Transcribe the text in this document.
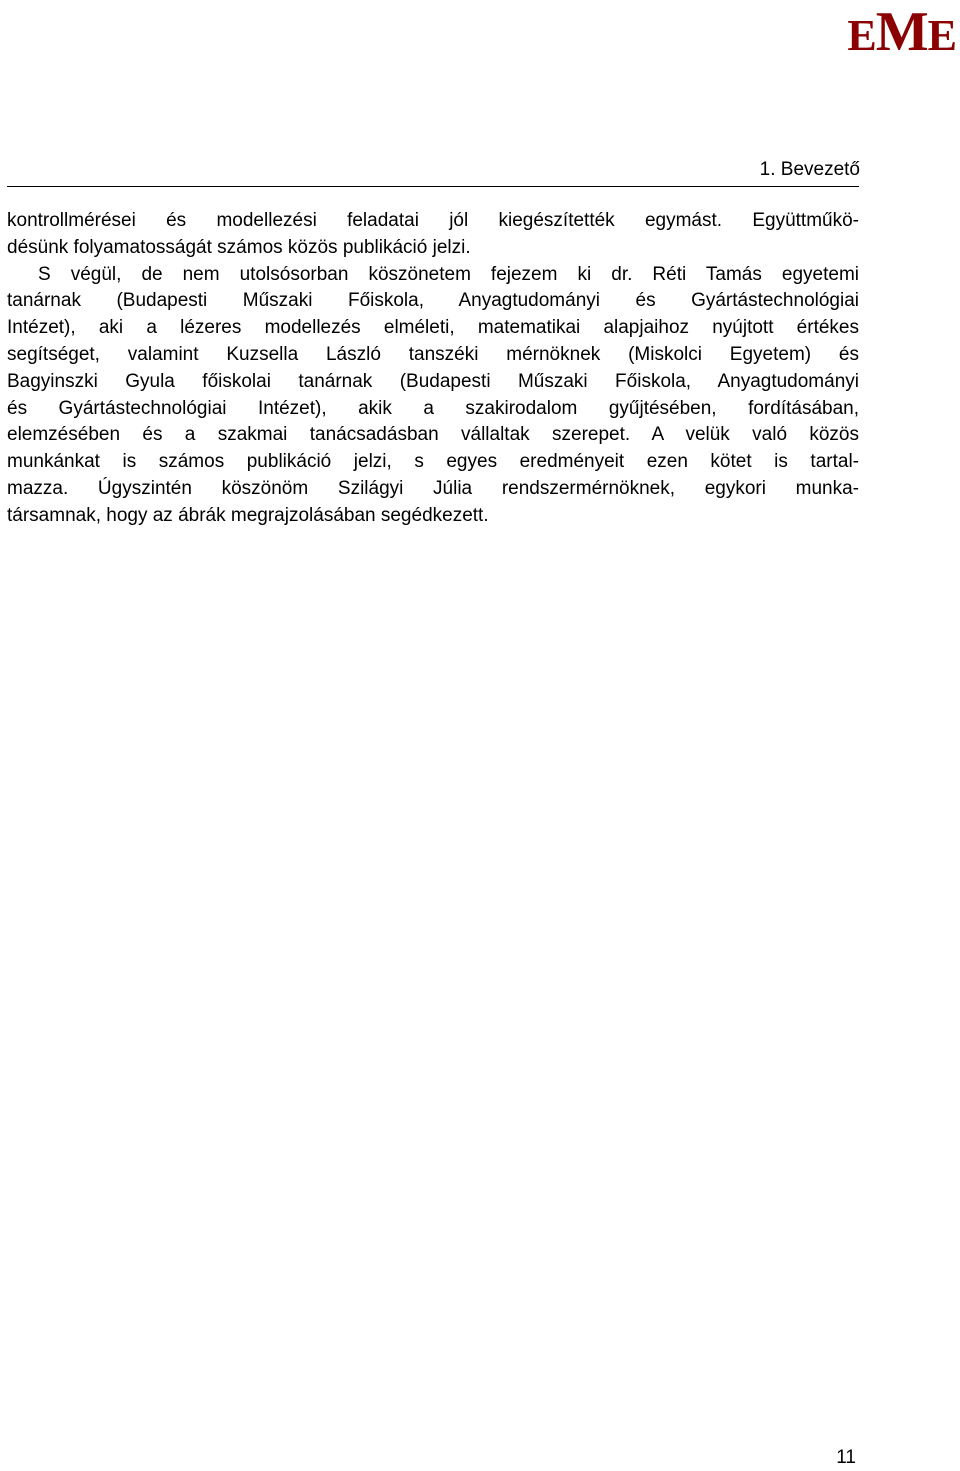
EME
1. Bevezető
kontrollmérései és modellezési feladatai jól kiegészítették egymást. Együttműkö-
désünk folyamatosságát számos közös publikáció jelzi.
S végül, de nem utolsósorban köszönetem fejezem ki dr. Réti Tamás egyetemi
tanárnak (Budapesti Műszaki Főiskola, Anyagtudományi és Gyártástechnológiai
Intézet), aki a lézeres modellezés elméleti, matematikai alapjaihoz nyújtott értékes
segítséget, valamint Kuzsella László tanszéki mérnöknek (Miskolci Egyetem) és
Bagyinszki Gyula főiskolai tanárnak (Budapesti Műszaki Főiskola, Anyagtudományi
és Gyártástechnológiai Intézet), akik a szakirodalom gyűjtésében, fordításában,
elemzésében és a szakmai tanácsadásban vállaltak szerepet. A velük való közös
munkánkat is számos publikáció jelzi, s egyes eredményeit ezen kötet is tartal-
mazza. Úgyszintén köszönöm Szilágyi Júlia rendszermérnöknek, egykori munka-
társamnak, hogy az ábrák megrajzolásában segédkezett.
11
